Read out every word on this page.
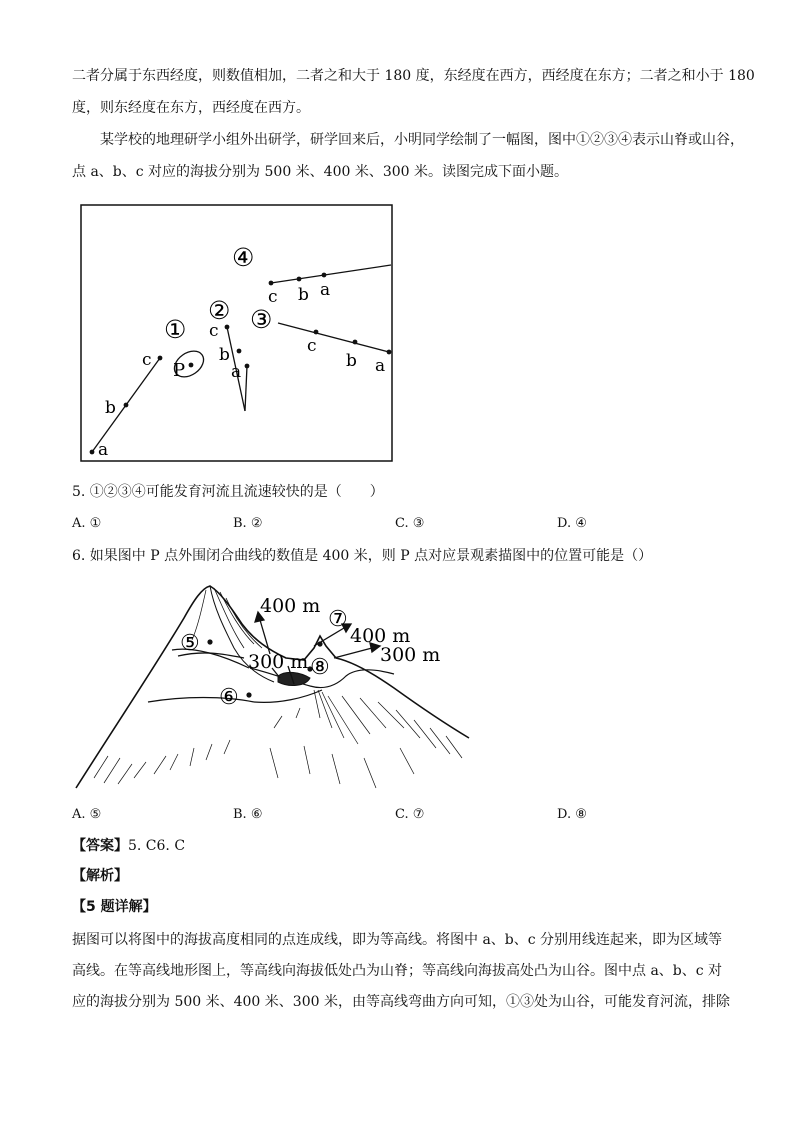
二者分属于东西经度，则数值相加，二者之和大于 180 度，东经度在西方，西经度在东方；二者之和小于 180
度，则东经度在东方，西经度在西方。
某学校的地理研学小组外出研学，研学回来后，小明同学绘制了一幅图，图中①②③④表示山脊或山谷，
点 a、b、c 对应的海拔分别为 500 米、400 米、300 米。读图完成下面小题。
a
b
c
①
P
c
b
a
②
c
b a
③
c b a
④
5. ①②③④可能发育河流且流速较快的是（　　）
A. ①	B. ②	C. ③	D. ④
6. 如果图中 P 点外围闭合曲线的数值是 400 米，则 P 点对应景观素描图中的位置可能是（）
⑤
⑥
⑦
⑧
400 m
400 m
300 m	300 m
A. ⑤	B. ⑥	C. ⑦	D. ⑧
【答案】5. C6. C
【解析】
【5 题详解】
据图可以将图中的海拔高度相同的点连成线，即为等高线。将图中 a、b、c 分别用线连起来，即为区域等
高线。在等高线地形图上，等高线向海拔低处凸为山脊；等高线向海拔高处凸为山谷。图中点 a、b、c 对
应的海拔分别为 500 米、400 米、300 米，由等高线弯曲方向可知，①③处为山谷，可能发育河流，排除
